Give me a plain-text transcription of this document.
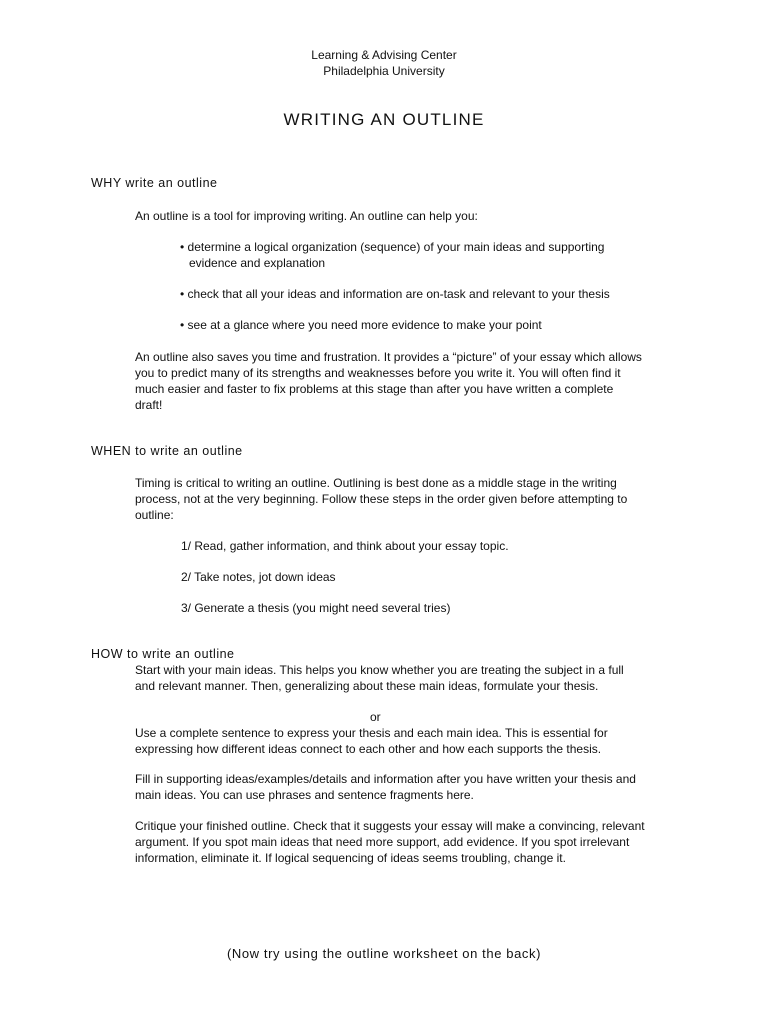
Learning & Advising Center
Philadelphia University
WRITING AN OUTLINE
WHY write an outline
An outline is a tool for improving writing. An outline can help you:
• determine a logical organization (sequence) of your main ideas and supporting
evidence and explanation
• check that all your ideas and information are on-task and relevant to your thesis
• see at a glance where you need more evidence to make your point
An outline also saves you time and frustration. It provides a “picture” of your essay which allows
you to predict many of its strengths and weaknesses before you write it. You will often find it
much easier and faster to fix problems at this stage than after you have written a complete
draft!
WHEN to write an outline
Timing is critical to writing an outline. Outlining is best done as a middle stage in the writing
process, not at the very beginning. Follow these steps in the order given before attempting to
outline:
1/ Read, gather information, and think about your essay topic.
2/ Take notes, jot down ideas
3/ Generate a thesis (you might need several tries)
HOW to write an outline
Start with your main ideas. This helps you know whether you are treating the subject in a full
and relevant manner. Then, generalizing about these main ideas, formulate your thesis.
or
Use a complete sentence to express your thesis and each main idea. This is essential for
expressing how different ideas connect to each other and how each supports the thesis.
Fill in supporting ideas/examples/details and information after you have written your thesis and
main ideas. You can use phrases and sentence fragments here.
Critique your finished outline. Check that it suggests your essay will make a convincing, relevant
argument. If you spot main ideas that need more support, add evidence. If you spot irrelevant
information, eliminate it. If logical sequencing of ideas seems troubling, change it.
(Now try using the outline worksheet on the back)
